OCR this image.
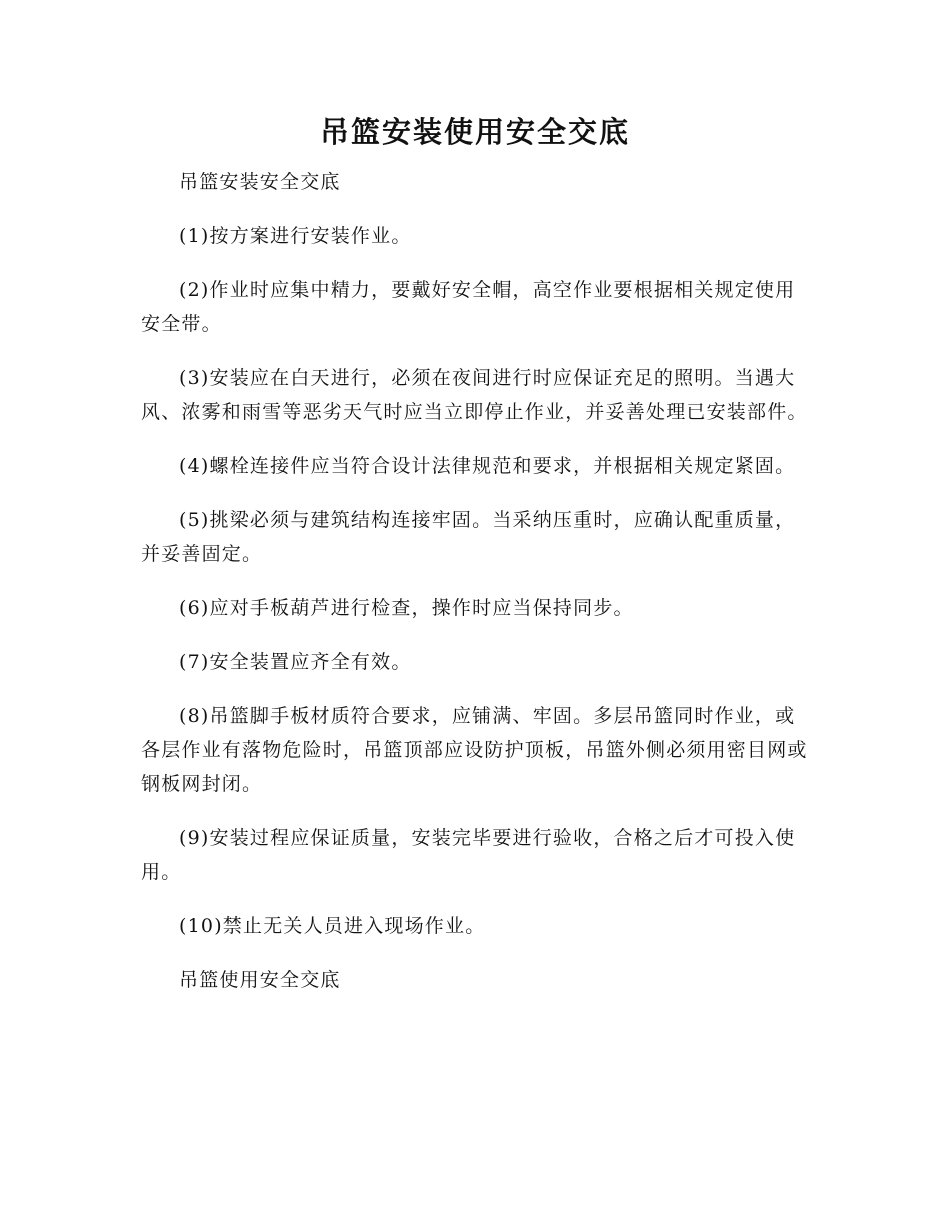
吊篮安装使用安全交底

吊篮安装安全交底

(1)按方案进行安装作业。

(2)作业时应集中精力，要戴好安全帽，高空作业要根据相关规定使用安全带。

(3)安装应在白天进行，必须在夜间进行时应保证充足的照明。当遇大风、浓雾和雨雪等恶劣天气时应当立即停止作业，并妥善处理已安装部件。

(4)螺栓连接件应当符合设计法律规范和要求，并根据相关规定紧固。

(5)挑梁必须与建筑结构连接牢固。当采纳压重时，应确认配重质量，并妥善固定。

(6)应对手板葫芦进行检查，操作时应当保持同步。

(7)安全装置应齐全有效。

(8)吊篮脚手板材质符合要求，应铺满、牢固。多层吊篮同时作业，或各层作业有落物危险时，吊篮顶部应设防护顶板，吊篮外侧必须用密目网或钢板网封闭。

(9)安装过程应保证质量，安装完毕要进行验收，合格之后才可投入使用。

(10)禁止无关人员进入现场作业。

吊篮使用安全交底
